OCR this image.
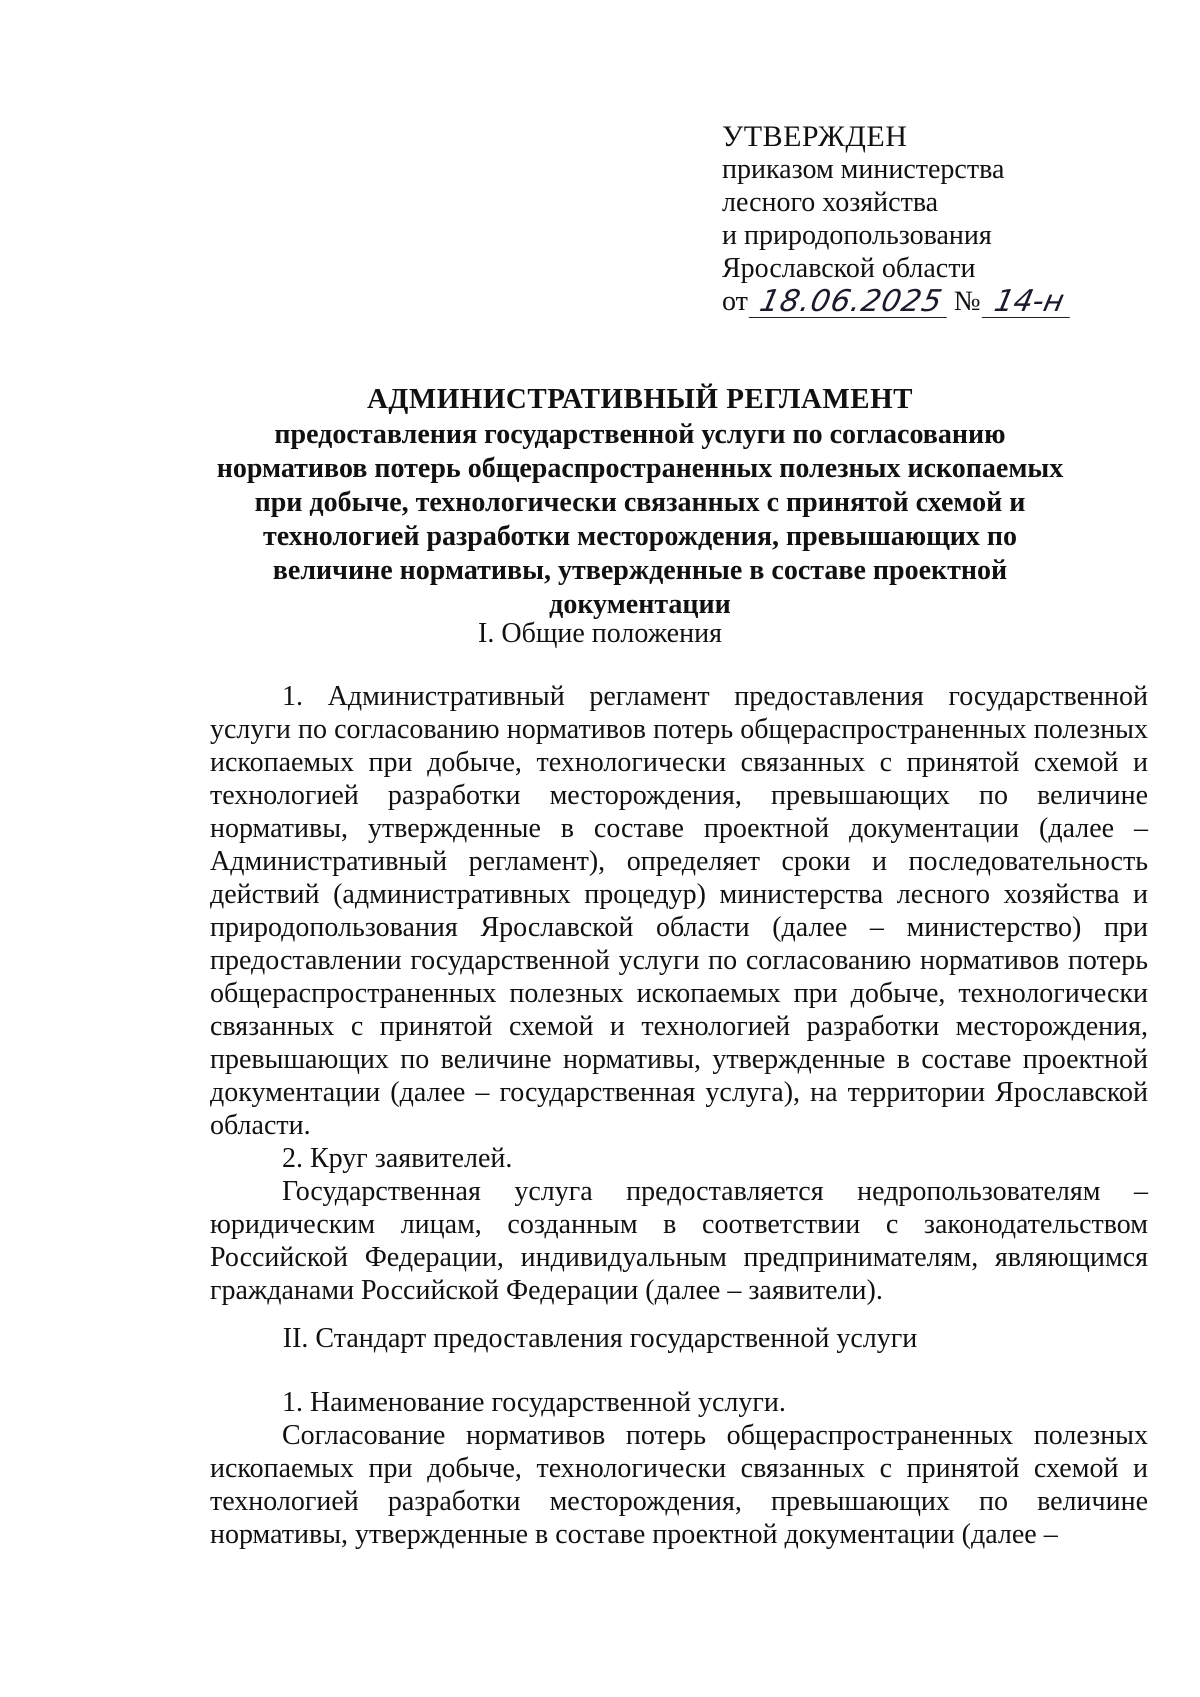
УТВЕРЖДЕН
приказом министерства
лесного хозяйства
и природопользования
Ярославской области
от 18.06.2025 № 14-н
АДМИНИСТРАТИВНЫЙ РЕГЛАМЕНТ
предоставления государственной услуги по согласованию нормативов потерь общераспространенных полезных ископаемых при добыче, технологически связанных с принятой схемой и технологией разработки месторождения, превышающих по величине нормативы, утвержденные в составе проектной документации
I. Общие положения

1. Административный регламент предоставления государственной услуги по согласованию нормативов потерь общераспространенных полезных ископаемых при добыче, технологически связанных с принятой схемой и технологией разработки месторождения, превышающих по величине нормативы, утвержденные в составе проектной документации (далее – Административный регламент), определяет сроки и последовательность действий (административных процедур) министерства лесного хозяйства и природопользования Ярославской области (далее – министерство) при предоставлении государственной услуги по согласованию нормативов потерь общераспространенных полезных ископаемых при добыче, технологически связанных с принятой схемой и технологией разработки месторождения, превышающих по величине нормативы, утвержденные в составе проектной документации (далее – государственная услуга), на территории Ярославской области.

2. Круг заявителей.

Государственная услуга предоставляется недропользователям – юридическим лицам, созданным в соответствии с законодательством Российской Федерации, индивидуальным предпринимателям, являющимся гражданами Российской Федерации (далее – заявители).

II. Стандарт предоставления государственной услуги

1. Наименование государственной услуги.

Согласование нормативов потерь общераспространенных полезных ископаемых при добыче, технологически связанных с принятой схемой и технологией разработки месторождения, превышающих по величине нормативы, утвержденные в составе проектной документации (далее –
